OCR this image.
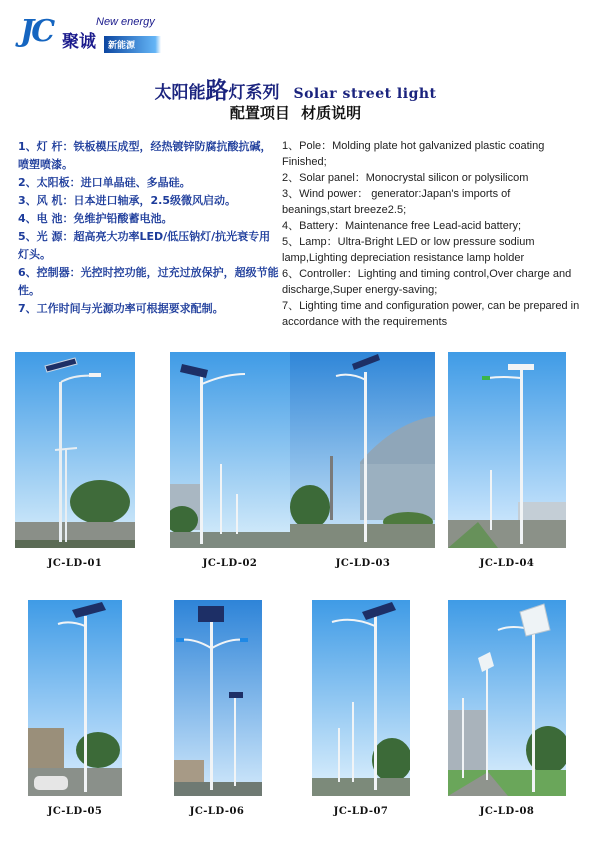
JC 聚诚
New energy
新能源
太阳能路灯系列 Solar street light
配置项目 材质说明
1、灯 杆：铁板模压成型，经热镀锌防腐抗酸抗碱，喷塑喷漆。
2、太阳板：进口单晶硅、多晶硅。
3、风 机：日本进口轴承，2.5级微风启动。
4、电 池：免维护铅酸蓄电池。
5、光 源：超高亮大功率LED/低压钠灯/抗光衰专用灯头。
6、控制器：光控时控功能，过充过放保护，超级节能性。
7、工作时间与光源功率可根据要求配制。
1、Pole：Molding plate hot galvanized plastic coating Finished;
2、Solar panel：Monocrystal silicon or polysilicom
3、Wind power： generator:Japan's imports of beanings,start breeze2.5;
4、Battery：Maintenance free Lead-acid battery;
5、Lamp：Ultra-Bright LED or low pressure sodium lamp,Lighting depreciation resistance lamp holder
6、Controller：Lighting and timing control,Over charge and discharge,Super energy-saving;
7、Lighting time and configuration power, can be prepared in accordance with the requirements
JC-LD-01	JC-LD-02	JC-LD-03	JC-LD-04
JC-LD-05	JC-LD-06	JC-LD-07	JC-LD-08
